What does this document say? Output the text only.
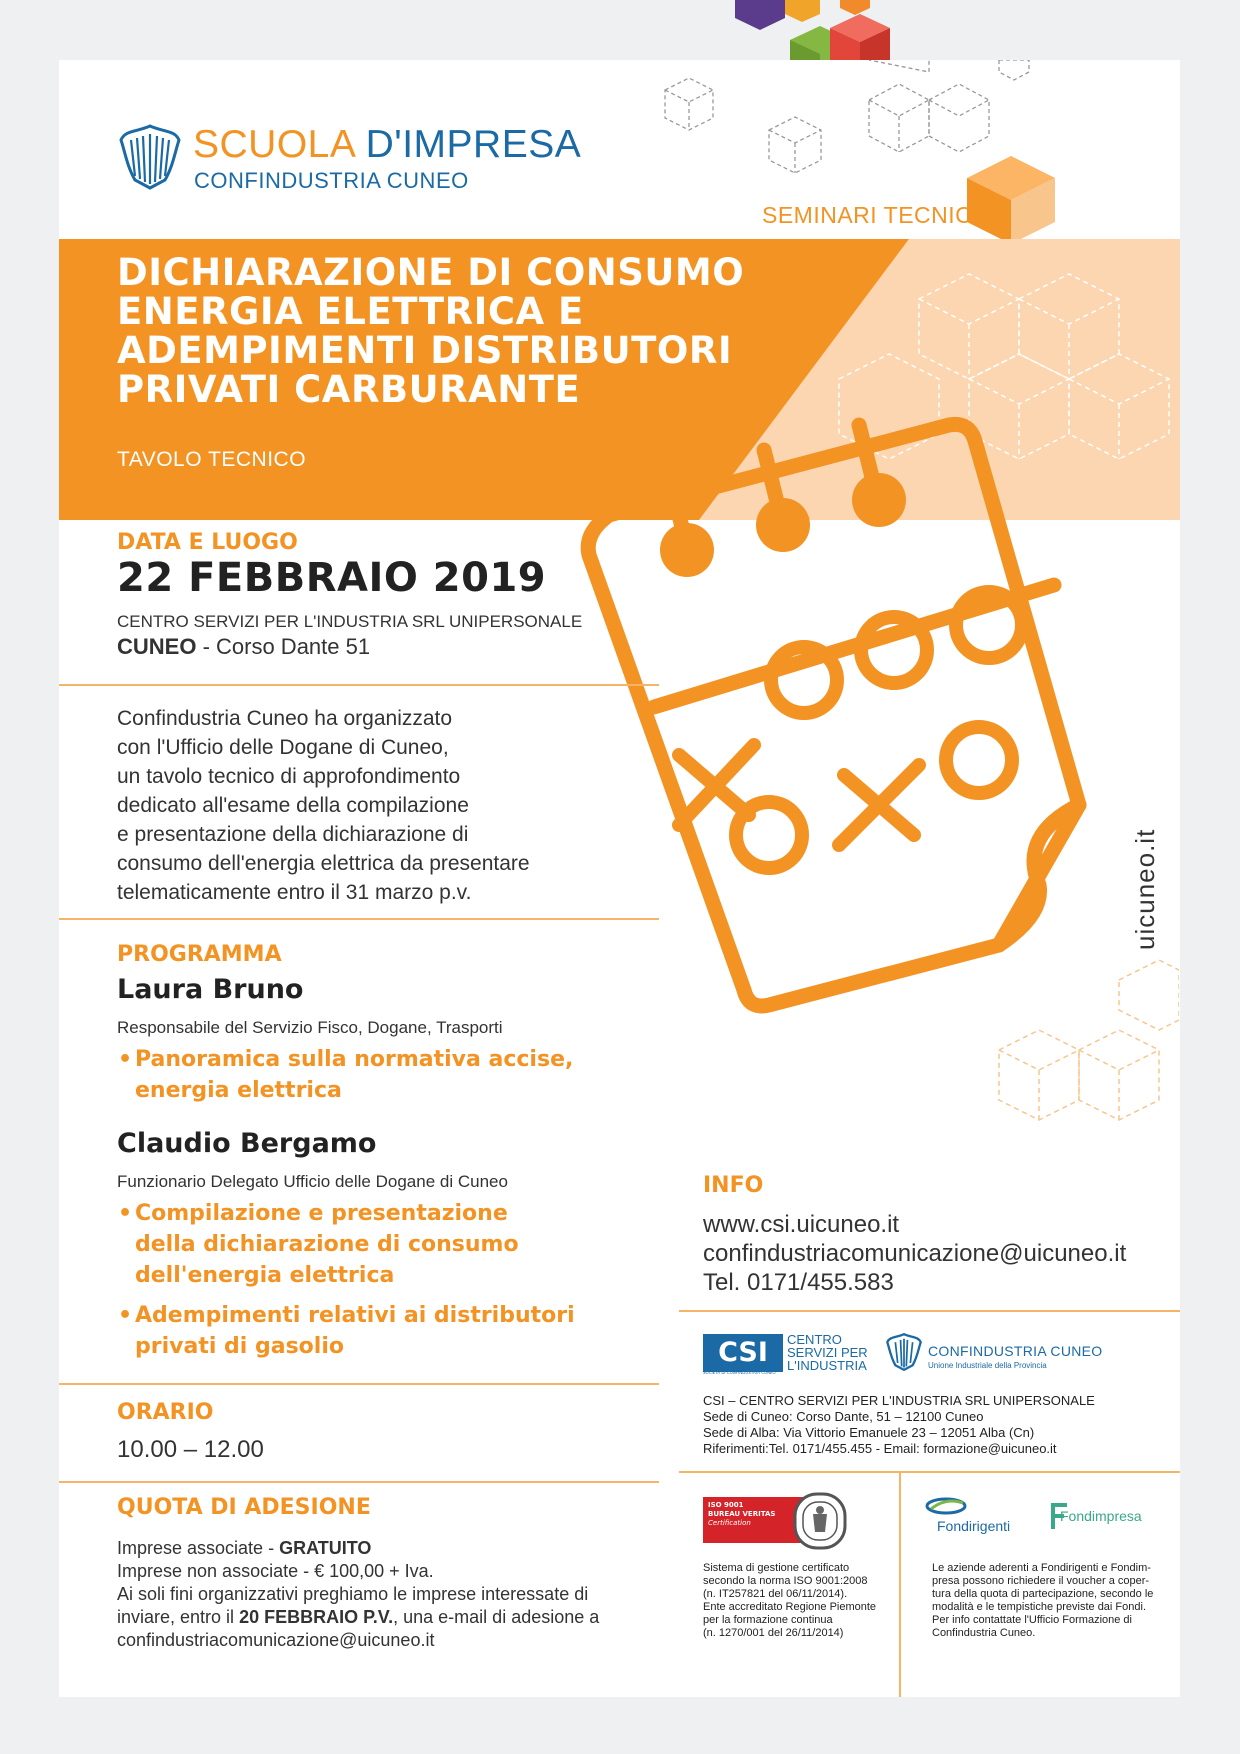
SCUOLA D'IMPRESA
CONFINDUSTRIA CUNEO
SEMINARI TECNICI
DICHIARAZIONE DI CONSUMO
ENERGIA ELETTRICA E
ADEMPIMENTI DISTRIBUTORI
PRIVATI CARBURANTE
TAVOLO TECNICO
uicuneo.it
DATA E LUOGO
22 FEBBRAIO 2019
CENTRO SERVIZI PER L'INDUSTRIA SRL UNIPERSONALE
CUNEO - Corso Dante 51
Confindustria Cuneo ha organizzato
con l'Ufficio delle Dogane di Cuneo,
un tavolo tecnico di approfondimento
dedicato all'esame della compilazione
e presentazione della dichiarazione di
consumo dell'energia elettrica da presentare
telematicamente entro il 31 marzo p.v.
PROGRAMMA
Laura Bruno
Responsabile del Servizio Fisco, Dogane, Trasporti
• Panoramica sulla normativa accise,
energia elettrica
Claudio Bergamo
Funzionario Delegato Ufficio delle Dogane di Cuneo
• Compilazione e presentazione
della dichiarazione di consumo
dell'energia elettrica
• Adempimenti relativi ai distributori
privati di gasolio
ORARIO
10.00 – 12.00
QUOTA DI ADESIONE
Imprese associate - GRATUITO
Imprese non associate - € 100,00 + Iva.
Ai soli fini organizzativi preghiamo le imprese interessate di
inviare, entro il 20 FEBBRAIO P.V., una e-mail di adesione a
confindustriacomunicazione@uicuneo.it
INFO
www.csi.uicuneo.it
confindustriacomunicazione@uicuneo.it
Tel. 0171/455.583
CSI
SOCIETÀ DI CONFINDUSTRIA CUNEO
CENTRO
SERVIZI PER
L'INDUSTRIA
CONFINDUSTRIA CUNEO
Unione Industriale della Provincia
CSI – CENTRO SERVIZI PER L'INDUSTRIA SRL UNIPERSONALE
Sede di Cuneo: Corso Dante, 51 – 12100 Cuneo
Sede di Alba: Via Vittorio Emanuele 23 – 12051 Alba (Cn)
Riferimenti:Tel. 0171/455.455 - Email: formazione@uicuneo.it
ISO 9001
BUREAU VERITAS
Certification
Sistema di gestione certificato
secondo la norma ISO 9001:2008
(n. IT257821 del 06/11/2014).
Ente accreditato Regione Piemonte
per la formazione continua
(n. 1270/001 del 26/11/2014)
Fondirigenti
Fondimpresa
Le aziende aderenti a Fondirigenti e Fondim-
presa possono richiedere il voucher a coper-
tura della quota di partecipazione, secondo le
modalità e le tempistiche previste dai Fondi.
Per info contattate l'Ufficio Formazione di
Confindustria Cuneo.
